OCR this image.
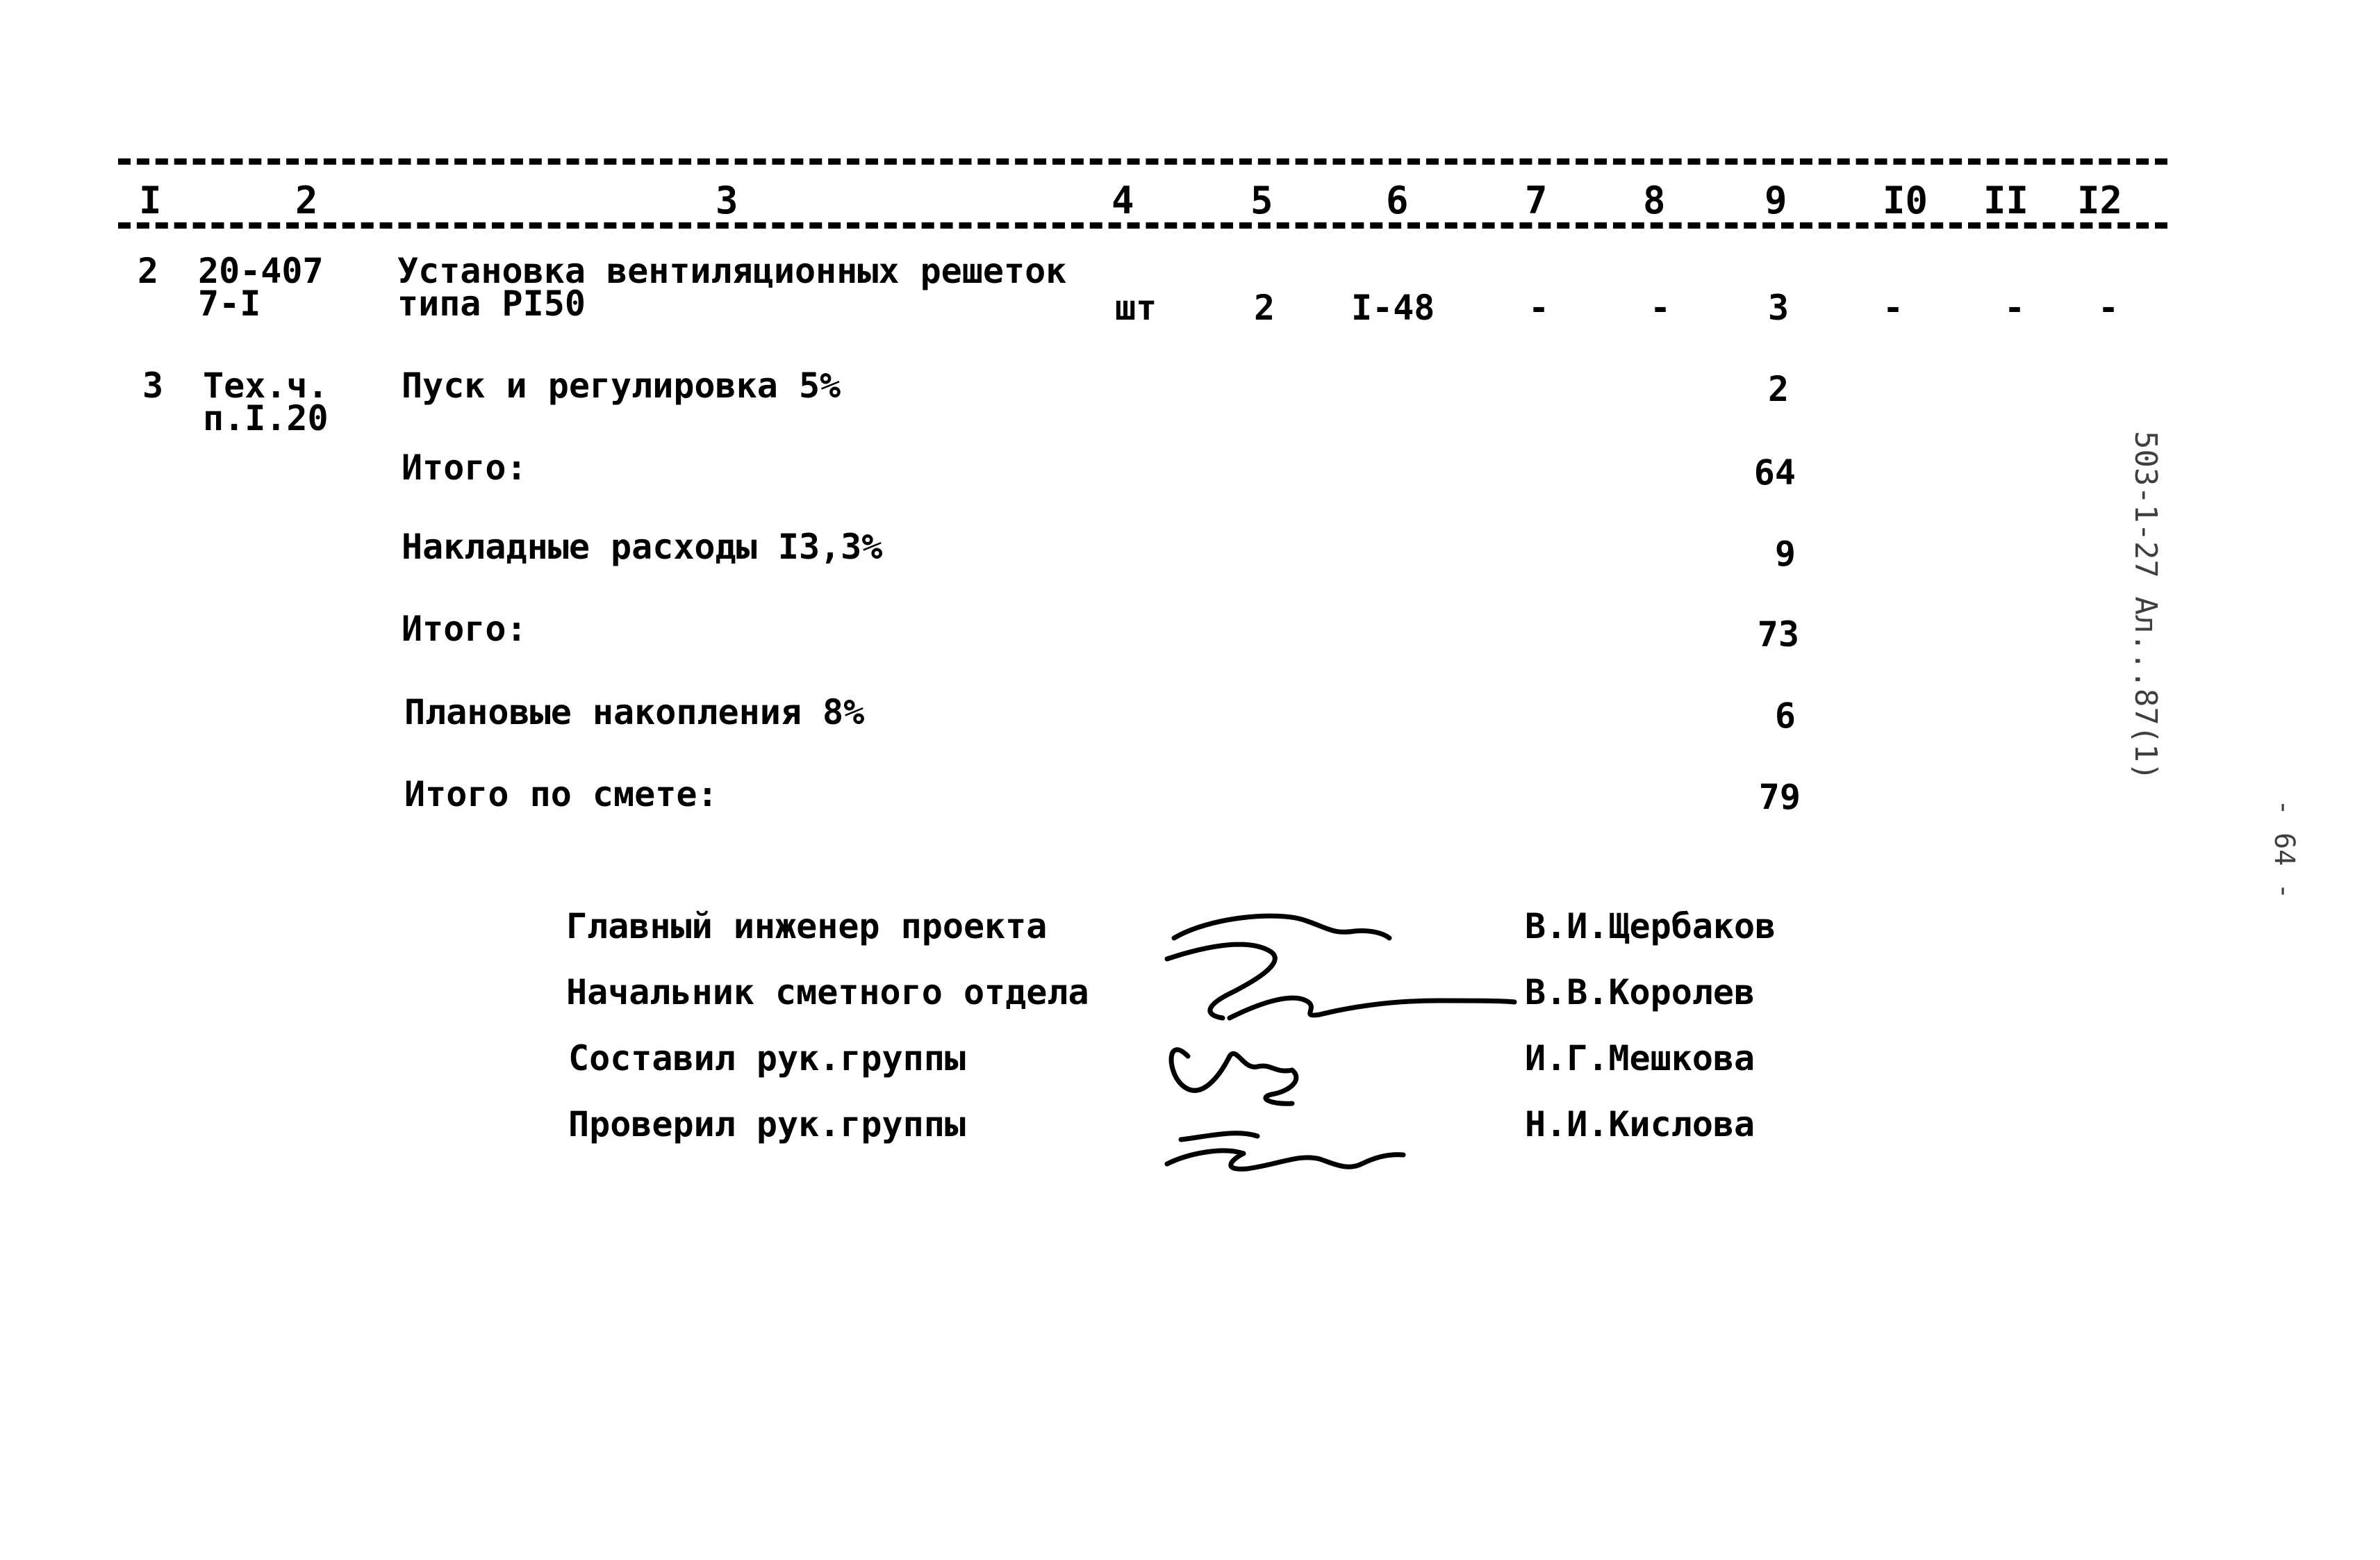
I	2	3	4	5	6	7	8	9	I0 II I2
2 20-407
7-I
Установка вентиляционных решеток
типа PI50	шт	2 I-48	-	-	3	-	- -
3 Тех.ч.
п.I.20
Пуск и регулировка 5%	2
Итого:	64
Накладные расходы I3,3%	9
Итого:	73
Плановые накопления 8%	6
Итого по смете:	79
Главный инженер проекта	В.И.Щербаков
Начальник сметного отдела	В.В.Королев
Составил рук.группы	И.Г.Мешкова
Проверил рук.группы	Н.И.Кислова
503-1-27 Ал...87(1)
- 64 -
